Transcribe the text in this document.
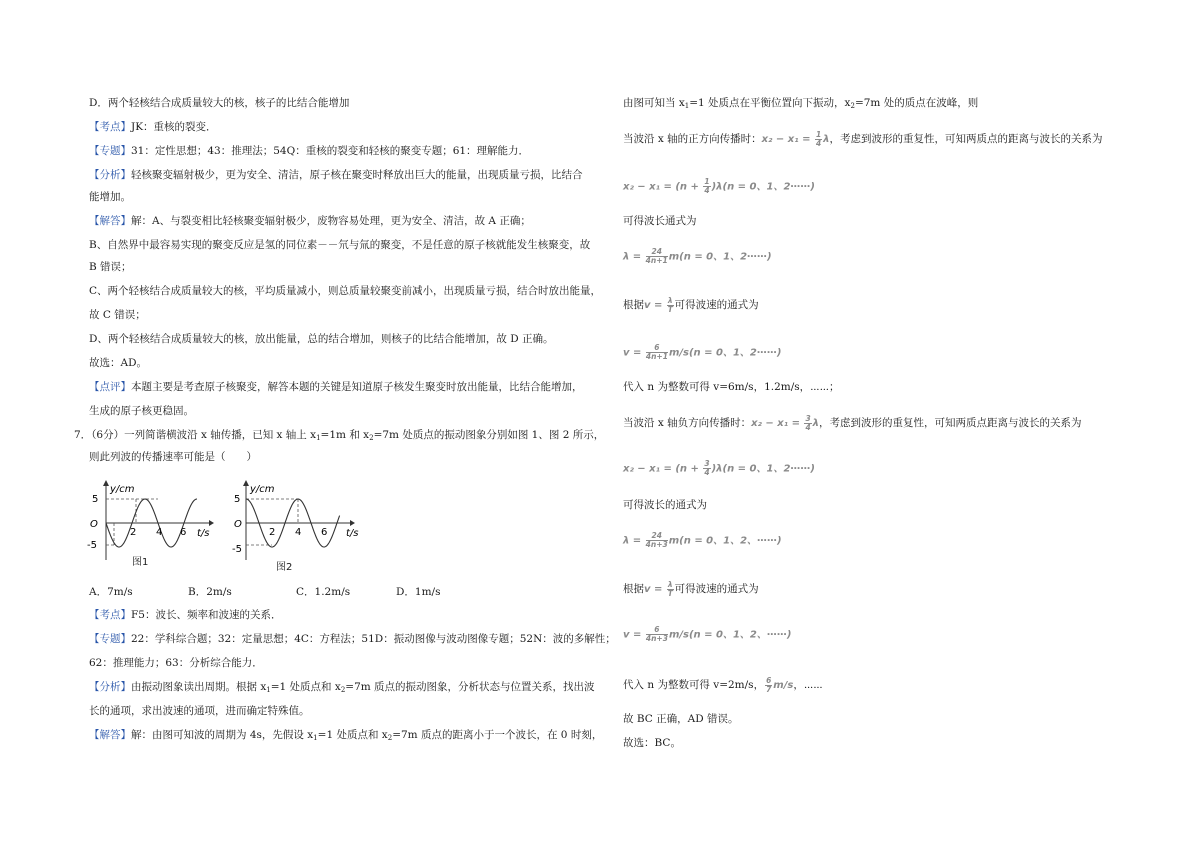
D．两个轻核结合成质量较大的核，核子的比结合能增加
【考点】JK：重核的裂变．
【专题】31：定性思想；43：推理法；54Q：重核的裂变和轻核的聚变专题；61：理解能力．
【分析】轻核聚变辐射极少，更为安全、清洁，原子核在聚变时释放出巨大的能量，出现质量亏损，比结合
能增加。
【解答】解：A、与裂变相比轻核聚变辐射极少，废物容易处理，更为安全、清洁，故 A 正确；
B、自然界中最容易实现的聚变反应是氢的同位素－－氘与氚的聚变，不是任意的原子核就能发生核聚变，故
B 错误；
C、两个轻核结合成质量较大的核，平均质量减小，则总质量较聚变前减小，出现质量亏损，结合时放出能量，
故 C 错误；
D、两个轻核结合成质量较大的核，放出能量，总的结合增加，则核子的比结合能增加，故 D 正确。
故选：AD。
【点评】本题主要是考查原子核聚变，解答本题的关键是知道原子核发生聚变时放出能量，比结合能增加，
生成的原子核更稳固。
7．（6分）一列简谐横波沿 x 轴传播，已知 x 轴上 $x_1=1m$ 和 $x_2=7m$ 处质点的振动图象分别如图 1、图 2 所示，
则此列波的传播速率可能是（　　）
y/cm
5
-5
O
t/s
2 4 6
图1
y/cm
5
-5
O
t/s
2 4 6
图2
A．7m/s	B．2m/s	C．1.2m/s	D．1m/s
【考点】F5：波长、频率和波速的关系．
【专题】22：学科综合题；32：定量思想；4C：方程法；51D：振动图像与波动图像专题；52N：波的多解性；
62：推理能力；63：分析综合能力．
【分析】由振动图象读出周期。根据 $x_1=1$ 处质点和 $x_2=7m$ 质点的振动图象，分析状态与位置关系，找出波
长的通项，求出波速的通项，进而确定特殊值。
【解答】解：由图可知波的周期为 4s，先假设 $x_1=1$ 处质点和 $x_2=7m$ 质点的距离小于一个波长，在 0 时刻，
由图可知当 $x_1=1$ 处质点在平衡位置向下振动，$x_2=7m$ 处的质点在波峰，则
当波沿 x 轴的正方向传播时：$x_2 - x_1 = \frac{1}{4}$ λ，考虑到波形的重复性，可知两质点的距离与波长的关系为
$x_2 - x_1 = (n + \frac{1}{4} )\lambda(n = 0$、1、2⋯⋯)
可得波长通式为
$\lambda = \frac{24}{4n+1} m(n = 0$、1、2⋯⋯)
根据$v = \frac{\lambda}{T}$ 可得波速的通式为
$v = \frac{6}{4n+1} m/s(n = 0$、1、2⋯⋯)
代入 n 为整数可得 v=6m/s，1.2m/s，⋯⋯；
当波沿 x 轴负方向传播时：$x_2 - x_1 = \frac{3}{4}$ λ，考虑到波形的重复性，可知两质点距离与波长的关系为
$x_2 - x_1 = (n + \frac{3}{4} )\lambda(n = 0$、1、2⋯⋯)
可得波长的通式为
$\lambda = \frac{24}{4n+3} m(n = 0$、1、2、⋯⋯)
根据$v = \frac{\lambda}{T}$ 可得波速的通式为
$v = \frac{6}{4n+3} m/s(n = 0$、1、2、⋯⋯)
代入 n 为整数可得 v=2m/s， $\frac{6}{7} m/s$，⋯⋯
故 BC 正确，AD 错误。
故选：BC。
